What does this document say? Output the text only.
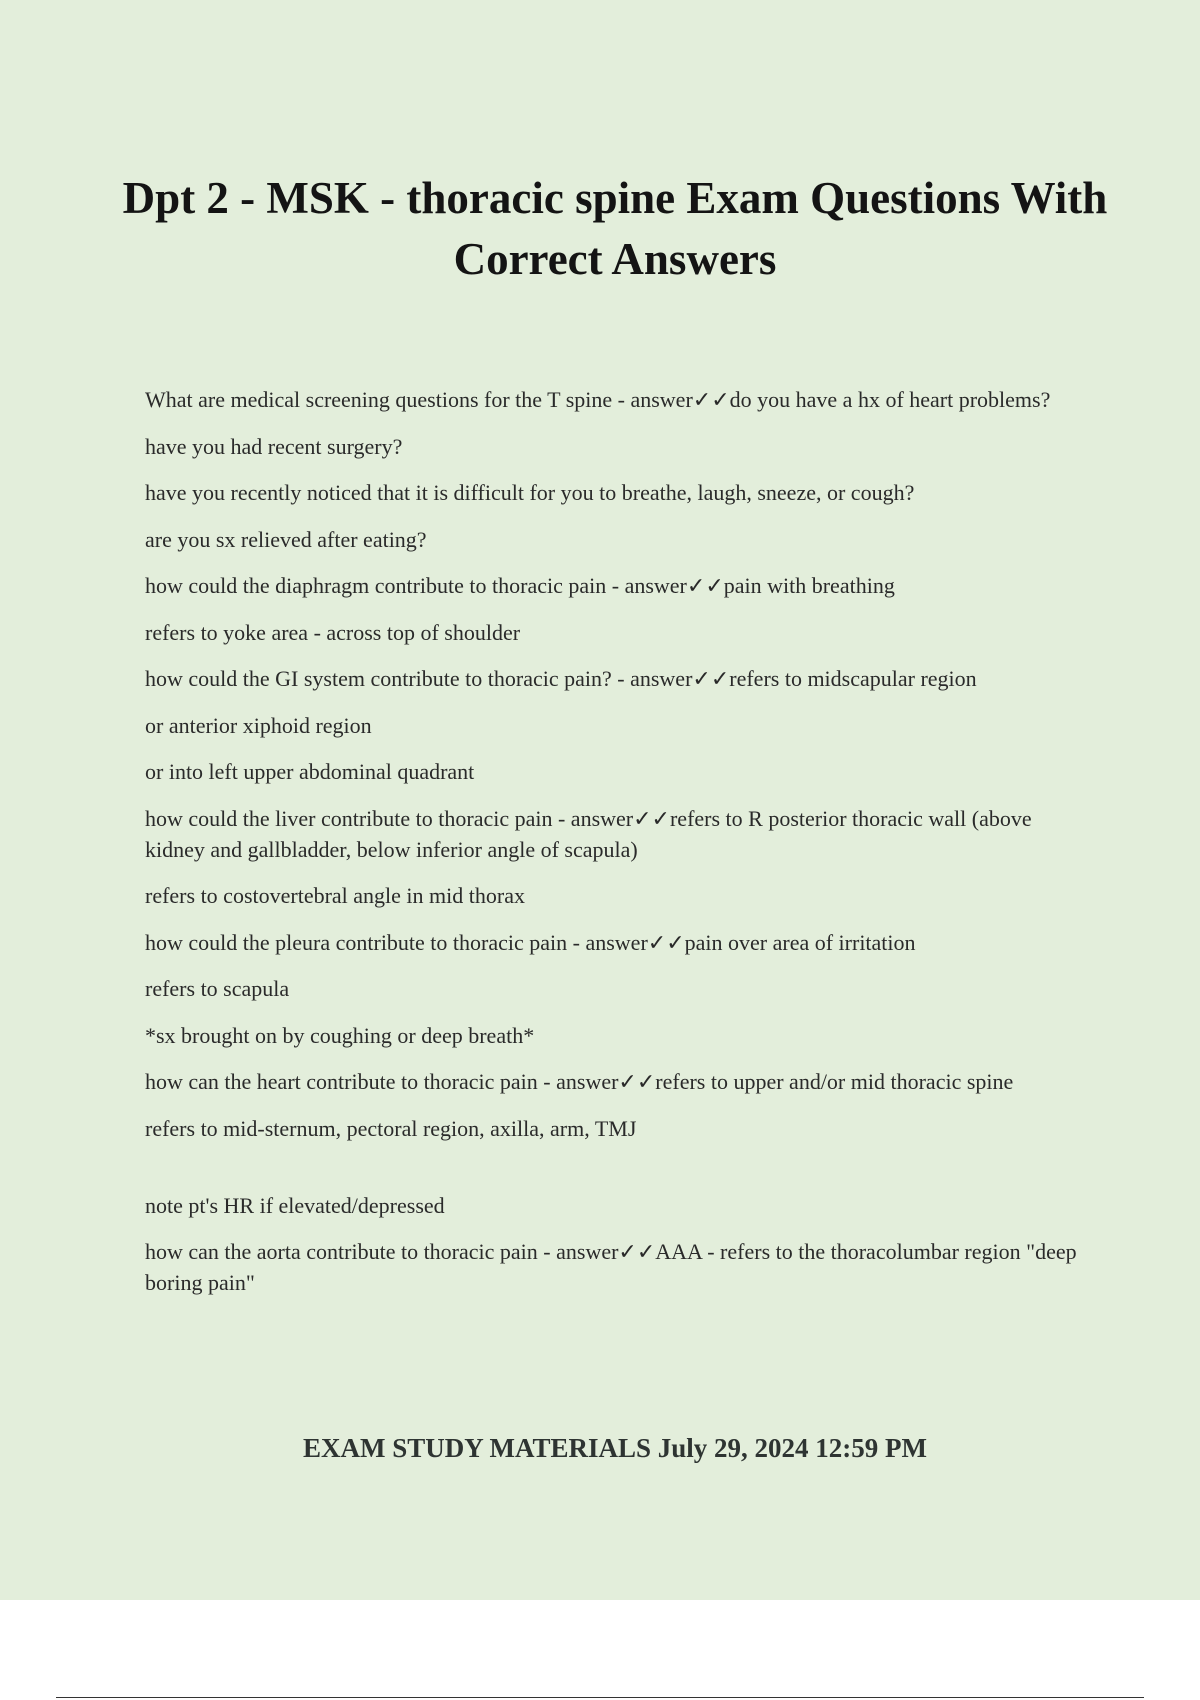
Dpt 2 - MSK - thoracic spine Exam Questions With Correct Answers

What are medical screening questions for the T spine - answer✓✓do you have a hx of heart problems?

have you had recent surgery?

have you recently noticed that it is difficult for you to breathe, laugh, sneeze, or cough?

are you sx relieved after eating?

how could the diaphragm contribute to thoracic pain - answer✓✓pain with breathing

refers to yoke area - across top of shoulder

how could the GI system contribute to thoracic pain? - answer✓✓refers to midscapular region

or anterior xiphoid region

or into left upper abdominal quadrant

how could the liver contribute to thoracic pain - answer✓✓refers to R posterior thoracic wall (above kidney and gallbladder, below inferior angle of scapula)

refers to costovertebral angle in mid thorax

how could the pleura contribute to thoracic pain - answer✓✓pain over area of irritation

refers to scapula

*sx brought on by coughing or deep breath*

how can the heart contribute to thoracic pain - answer✓✓refers to upper and/or mid thoracic spine

refers to mid-sternum, pectoral region, axilla, arm, TMJ

note pt's HR if elevated/depressed

how can the aorta contribute to thoracic pain - answer✓✓AAA - refers to the thoracolumbar region "deep boring pain"

EXAM STUDY MATERIALS July 29, 2024 12:59 PM
